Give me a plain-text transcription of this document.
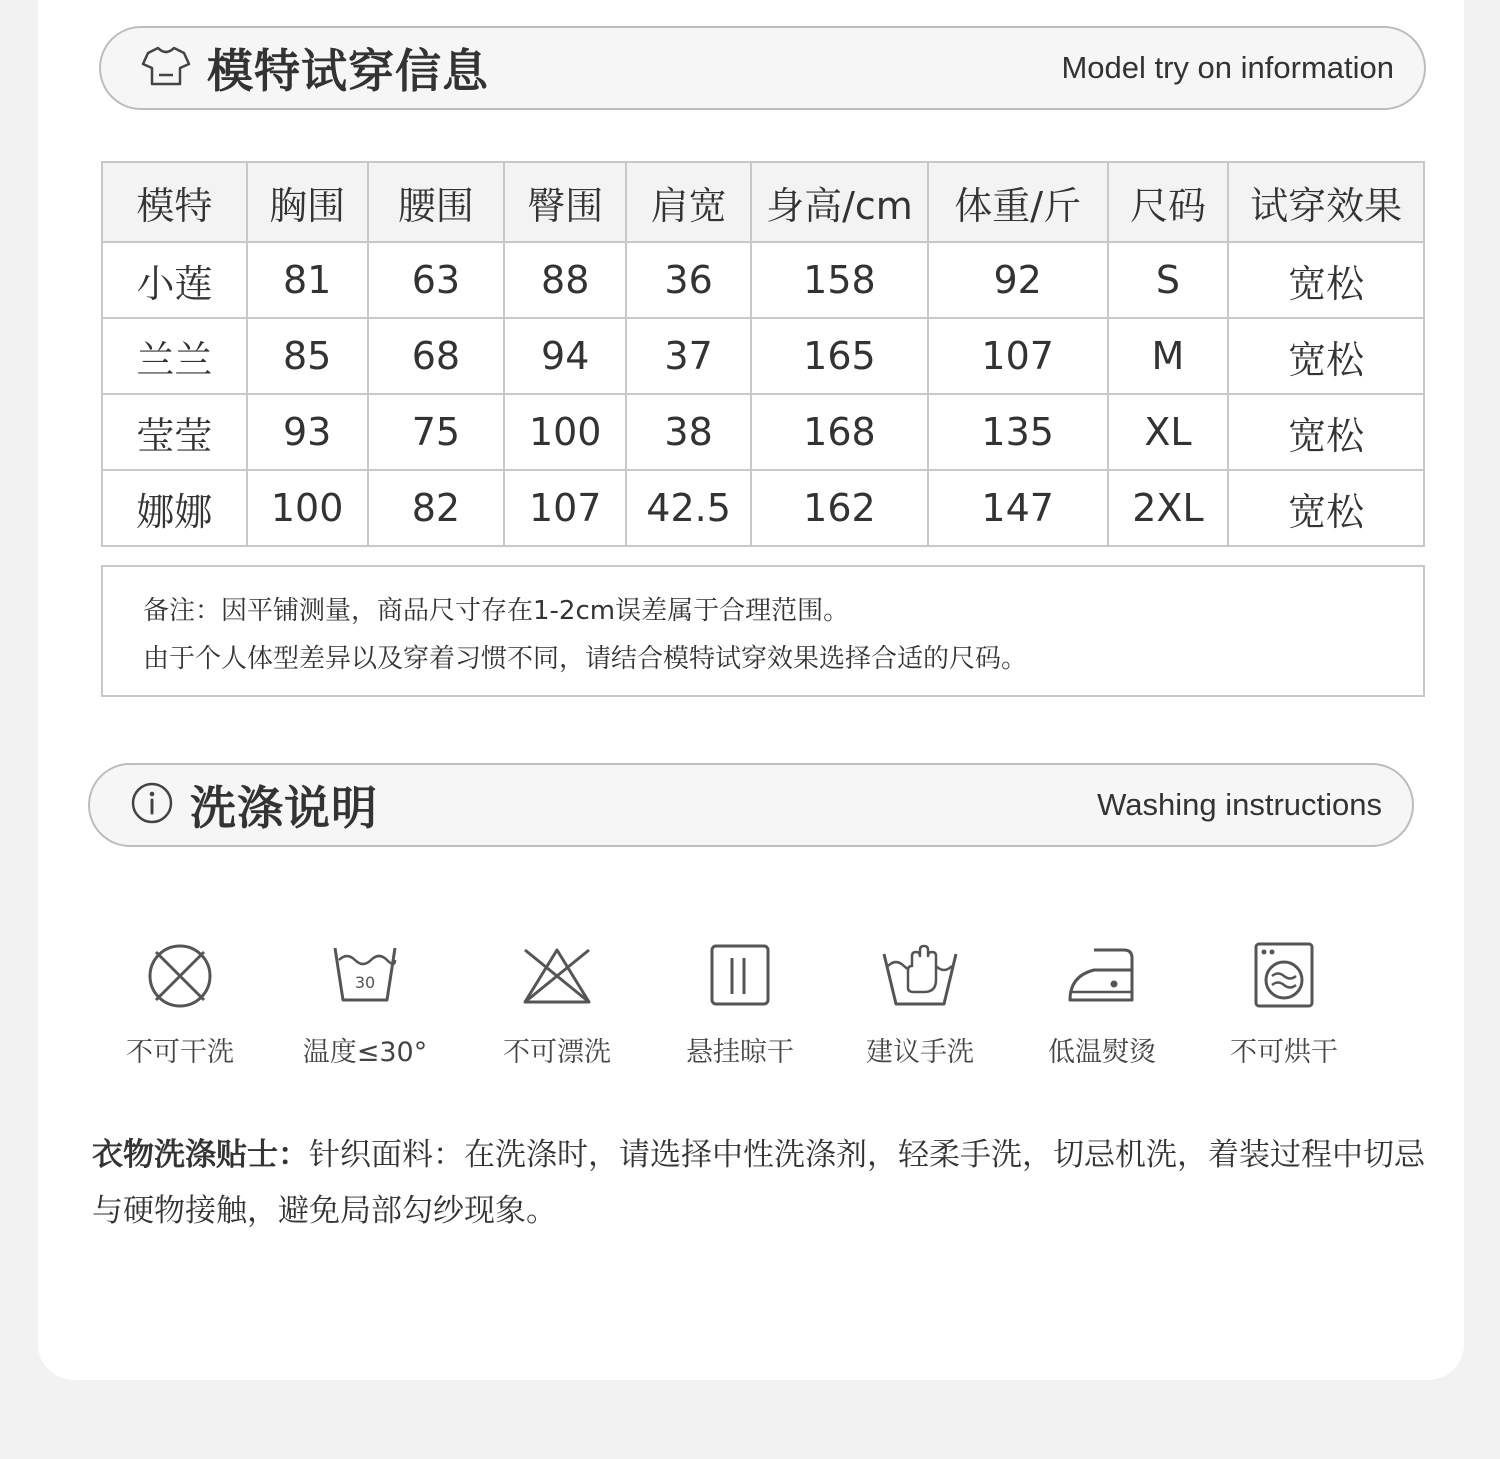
模特试穿信息	Model try on information
模特	胸围	腰围	臀围	肩宽	身高/cm	体重/斤	尺码	试穿效果
小莲	81	63	88	36	158	92	S	宽松
兰兰	85	68	94	37	165	107	M	宽松
莹莹	93	75	100	38	168	135	XL	宽松
娜娜	100	82	107	42.5	162	147	2XL	宽松
备注：因平铺测量，商品尺寸存在1-2cm误差属于合理范围。
由于个人体型差异以及穿着习惯不同，请结合模特试穿效果选择合适的尺码。
洗涤说明	Washing instructions
不可干洗
30
温度≤30°	不可漂洗	悬挂晾干	建议手洗	低温熨烫	不可烘干
衣物洗涤贴士：针织面料：在洗涤时，请选择中性洗涤剂，轻柔手洗，切忌机洗，着装过程中切忌与硬物接触，避免局部勾纱现象。
